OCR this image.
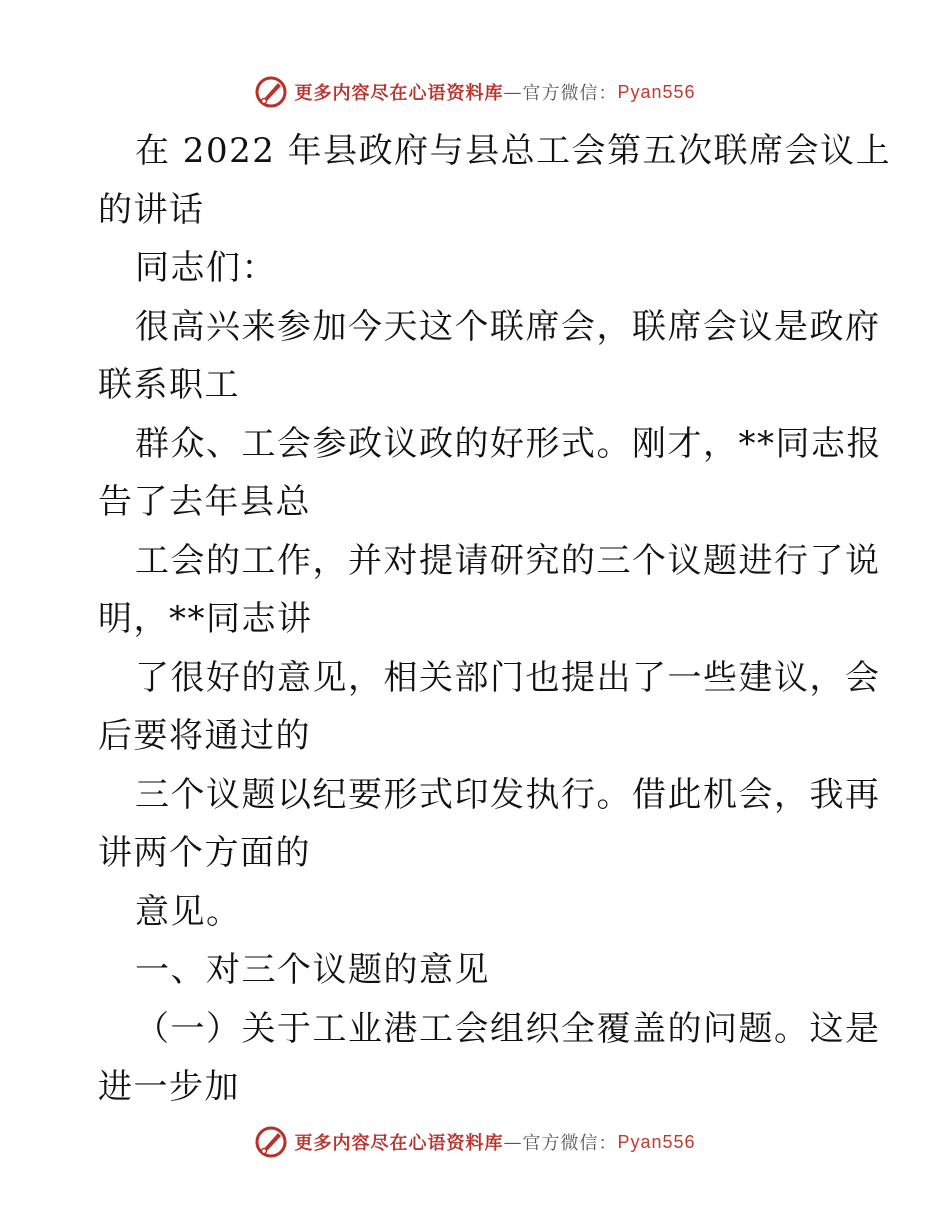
更多内容尽在心语资料库 — 官方微信： Pyan556
在 2022 年县政府与县总工会第五次联席会议上
的讲话
同志们：
很高兴来参加今天这个联席会，联席会议是政府
联系职工
群众、工会参政议政的好形式。刚才，**同志报
告了去年县总
工会的工作，并对提请研究的三个议题进行了说
明，**同志讲
了很好的意见，相关部门也提出了一些建议，会
后要将通过的
三个议题以纪要形式印发执行。借此机会，我再
讲两个方面的
意见。
一、对三个议题的意见
（一）关于工业港工会组织全覆盖的问题。这是
进一步加
更多内容尽在心语资料库 — 官方微信： Pyan556
